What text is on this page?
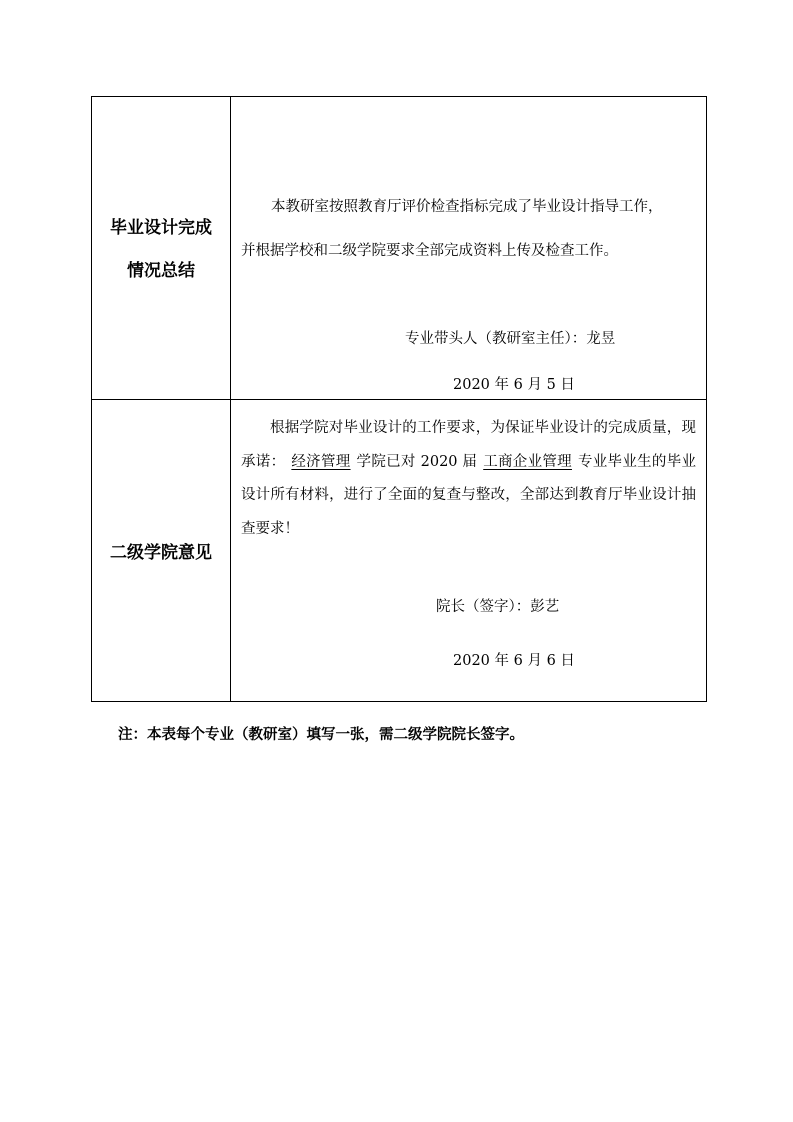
毕业设计完成
情况总结
本教研室按照教育厅评价检查指标完成了毕业设计指导工作，
并根据学校和二级学院要求全部完成资料上传及检查工作。
专业带头人（教研室主任）：龙昱
2020 年 6 月 5 日
二级学院意见
根据学院对毕业设计的工作要求，为保证毕业设计的完成质量，现承诺： 经济管理 学院已对 2020 届 工商企业管理 专业毕业生的毕业设计所有材料，进行了全面的复查与整改，全部达到教育厅毕业设计抽查要求！
院长（签字）：彭艺
2020 年 6 月 6 日
注：本表每个专业（教研室）填写一张，需二级学院院长签字。
